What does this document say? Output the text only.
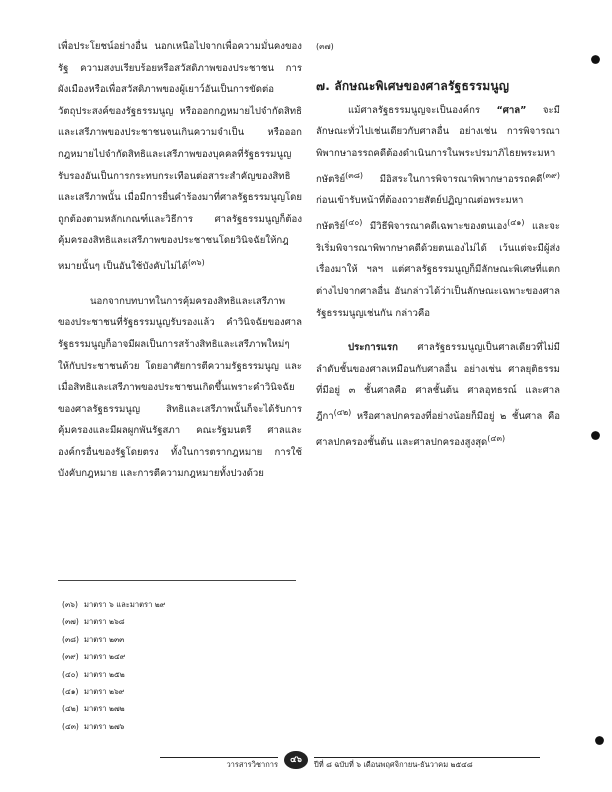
เพื่อประโยชน์อย่างอื่น นอกเหนือไปจากเพื่อความมั่นคงของรัฐ ความสงบเรียบร้อยหรือสวัสดิภาพของประชาชน การผังเมืองหรือเพื่อสวัสดิภาพของผู้เยาว์อันเป็นการขัดต่อวัตถุประสงค์ของรัฐธรรมนูญ หรือออกกฎหมายไปจำกัดสิทธิและเสรีภาพของประชาชนจนเกินความจำเป็น หรือออกกฎหมายไปจำกัดสิทธิและเสรีภาพของบุคคลที่รัฐธรรมนูญรับรองอันเป็นการกระทบกระเทือนต่อสาระสำคัญของสิทธิและเสรีภาพนั้น เมื่อมีการยื่นคำร้องมาที่ศาลรัฐธรรมนูญโดยถูกต้องตามหลักเกณฑ์และวิธีการ ศาลรัฐธรรมนูญก็ต้องคุ้มครองสิทธิและเสรีภาพของประชาชนโดยวินิจฉัยให้กฎหมายนั้นๆ เป็นอันใช้บังคับไม่ได้$^{(๓๖)}$

นอกจากบทบาทในการคุ้มครองสิทธิและเสรีภาพของประชาชนที่รัฐธรรมนูญรับรองแล้ว คำวินิจฉัยของศาลรัฐธรรมนูญก็อาจมีผลเป็นการสร้างสิทธิและเสรีภาพใหม่ๆ ให้กับประชาชนด้วย โดยอาศัยการตีความรัฐธรรมนูญ และเมื่อสิทธิและเสรีภาพของประชาชนเกิดขึ้นเพราะคำวินิจฉัยของศาลรัฐธรรมนูญ สิทธิและเสรีภาพนั้นก็จะได้รับการคุ้มครองและมีผลผูกพันรัฐสภา คณะรัฐมนตรี ศาลและองค์กรอื่นของรัฐโดยตรง ทั้งในการตรากฎหมาย การใช้บังคับกฎหมาย และการตีความกฎหมายทั้งปวงด้วย

$^{(๓๗)}$

๗. ลักษณะพิเศษของศาลรัฐธรรมนูญ

แม้ศาลรัฐธรรมนูญจะเป็นองค์กร “ศาล” จะมีลักษณะทั่วไปเช่นเดียวกับศาลอื่น อย่างเช่น การพิจารณาพิพากษาอรรถคดีต้องดำเนินการในพระปรมาภิไธยพระมหากษัตริย์$^{(๓๘)}$ มีอิสระในการพิจารณาพิพากษาอรรถคดี$^{(๓๙)}$ ก่อนเข้ารับหน้าที่ต้องถวายสัตย์ปฏิญาณต่อพระมหากษัตริย์$^{(๔๐)}$ มีวิธีพิจารณาคดีเฉพาะของตนเอง$^{(๔๑)}$ และจะริเริ่มพิจารณาพิพากษาคดีด้วยตนเองไม่ได้ เว้นแต่จะมีผู้ส่งเรื่องมาให้ ฯลฯ แต่ศาลรัฐธรรมนูญก็มีลักษณะพิเศษที่แตกต่างไปจากศาลอื่น อันกล่าวได้ว่าเป็นลักษณะเฉพาะของศาลรัฐธรรมนูญเช่นกัน กล่าวคือ

ประการแรก ศาลรัฐธรรมนูญเป็นศาลเดียวที่ไม่มีลำดับชั้นของศาลเหมือนกับศาลอื่น อย่างเช่น ศาลยุติธรรม ที่มีอยู่ ๓ ชั้นศาลคือ ศาลชั้นต้น ศาลอุทธรณ์ และศาลฎีกา$^{(๔๒)}$ หรือศาลปกครองที่อย่างน้อยก็มีอยู่ ๒ ชั้นศาล คือ ศาลปกครองชั้นต้น และศาลปกครองสูงสุด$^{(๔๓)}$

(๓๖) มาตรา ๖ และมาตรา ๒๙
(๓๗) มาตรา ๒๖๘
(๓๘) มาตรา ๒๓๓
(๓๙) มาตรา ๒๔๙
(๔๐) มาตรา ๒๕๒
(๔๑) มาตรา ๒๖๙
(๔๒) มาตรา ๒๗๒
(๔๓) มาตรา ๒๗๖
วารสารวิชาการ	๔๖	ปีที่ ๘ ฉบับที่ ๖ เดือนพฤศจิกายน-ธันวาคม ๒๕๔๘
